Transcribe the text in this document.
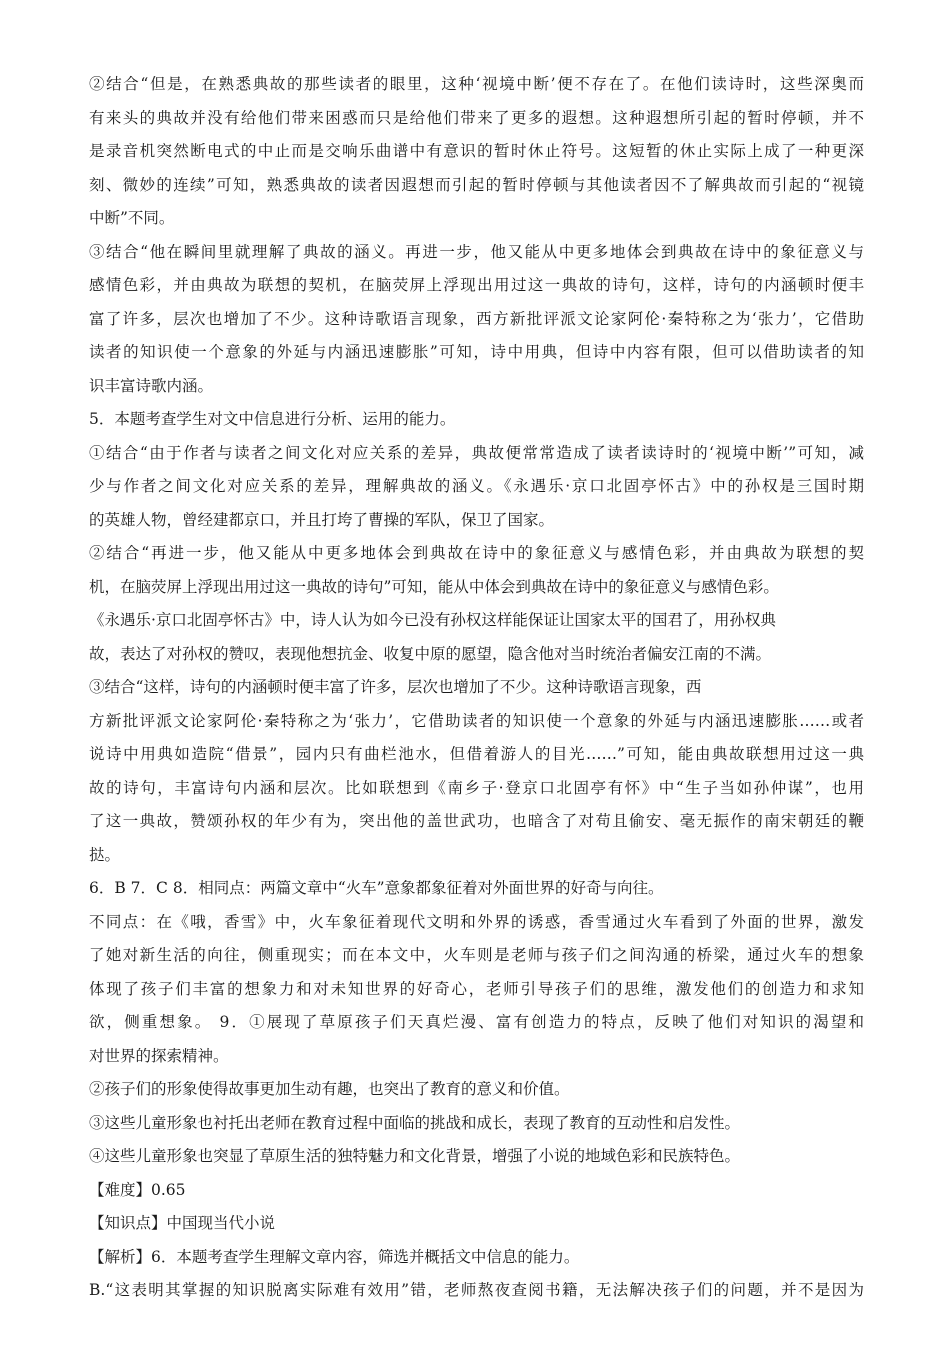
②结合“但是，在熟悉典故的那些读者的眼里，这种‘视境中断’便不存在了。在他们读诗时，这些深奥而
有来头的典故并没有给他们带来困惑而只是给他们带来了更多的遐想。这种遐想所引起的暂时停顿，并不
是录音机突然断电式的中止而是交响乐曲谱中有意识的暂时休止符号。这短暂的休止实际上成了一种更深
刻、微妙的连续”可知，熟悉典故的读者因遐想而引起的暂时停顿与其他读者因不了解典故而引起的“视镜
中断”不同。
③结合“他在瞬间里就理解了典故的涵义。再进一步，他又能从中更多地体会到典故在诗中的象征意义与
感情色彩，并由典故为联想的契机，在脑荧屏上浮现出用过这一典故的诗句，这样，诗句的内涵顿时便丰
富了许多，层次也增加了不少。这种诗歌语言现象，西方新批评派文论家阿伦·秦特称之为‘张力’，它借助
读者的知识使一个意象的外延与内涵迅速膨胀”可知，诗中用典，但诗中内容有限，但可以借助读者的知
识丰富诗歌内涵。
5．本题考查学生对文中信息进行分析、运用的能力。
①结合“由于作者与读者之间文化对应关系的差异，典故便常常造成了读者读诗时的‘视境中断’”可知，减
少与作者之间文化对应关系的差异，理解典故的涵义。《永遇乐·京口北固亭怀古》中的孙权是三国时期
的英雄人物，曾经建都京口，并且打垮了曹操的军队，保卫了国家。
②结合“再进一步，他又能从中更多地体会到典故在诗中的象征意义与感情色彩，并由典故为联想的契
机，在脑荧屏上浮现出用过这一典故的诗句”可知，能从中体会到典故在诗中的象征意义与感情色彩。
《永遇乐·京口北固亭怀古》中，诗人认为如今已没有孙权这样能保证让国家太平的国君了，用孙权典
故，表达了对孙权的赞叹，表现他想抗金、收复中原的愿望，隐含他对当时统治者偏安江南的不满。
③结合“这样，诗句的内涵顿时便丰富了许多，层次也增加了不少。这种诗歌语言现象，西
方新批评派文论家阿伦·秦特称之为‘张力’，它借助读者的知识使一个意象的外延与内涵迅速膨胀……或者
说诗中用典如造院“借景”，园内只有曲栏池水，但借着游人的目光……”可知，能由典故联想用过这一典
故的诗句，丰富诗句内涵和层次。比如联想到《南乡子·登京口北固亭有怀》中“生子当如孙仲谋”，也用
了这一典故，赞颂孙权的年少有为，突出他的盖世武功，也暗含了对苟且偷安、毫无振作的南宋朝廷的鞭
挞。
6．B 7．C 8．相同点：两篇文章中“火车”意象都象征着对外面世界的好奇与向往。
不同点：在《哦，香雪》中，火车象征着现代文明和外界的诱惑，香雪通过火车看到了外面的世界，激发
了她对新生活的向往，侧重现实；而在本文中，火车则是老师与孩子们之间沟通的桥梁，通过火车的想象
体现了孩子们丰富的想象力和对未知世界的好奇心，老师引导孩子们的思维，激发他们的创造力和求知
欲，侧重想象。 9．①展现了草原孩子们天真烂漫、富有创造力的特点，反映了他们对知识的渴望和
对世界的探索精神。
②孩子们的形象使得故事更加生动有趣，也突出了教育的意义和价值。
③这些儿童形象也衬托出老师在教育过程中面临的挑战和成长，表现了教育的互动性和启发性。
④这些儿童形象也突显了草原生活的独特魅力和文化背景，增强了小说的地域色彩和民族特色。
【难度】0.65
【知识点】中国现当代小说
【解析】6．本题考查学生理解文章内容，筛选并概括文中信息的能力。
B.“这表明其掌握的知识脱离实际难有效用”错，老师熬夜查阅书籍，无法解决孩子们的问题，并不是因为
